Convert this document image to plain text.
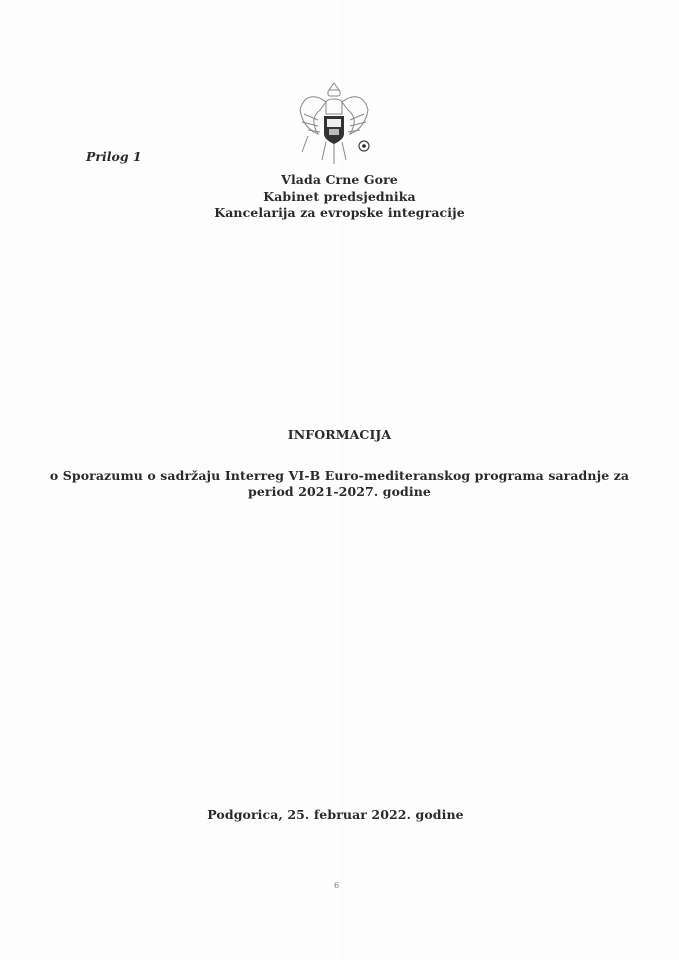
Prilog 1
Vlada Crne Gore
Kabinet predsjednika
Kancelarija za evropske integracije
INFORMACIJA
o Sporazumu o sadržaju Interreg VI-B Euro-mediteranskog programa saradnje za
period 2021-2027. godine
Podgorica, 25. februar 2022. godine
6
